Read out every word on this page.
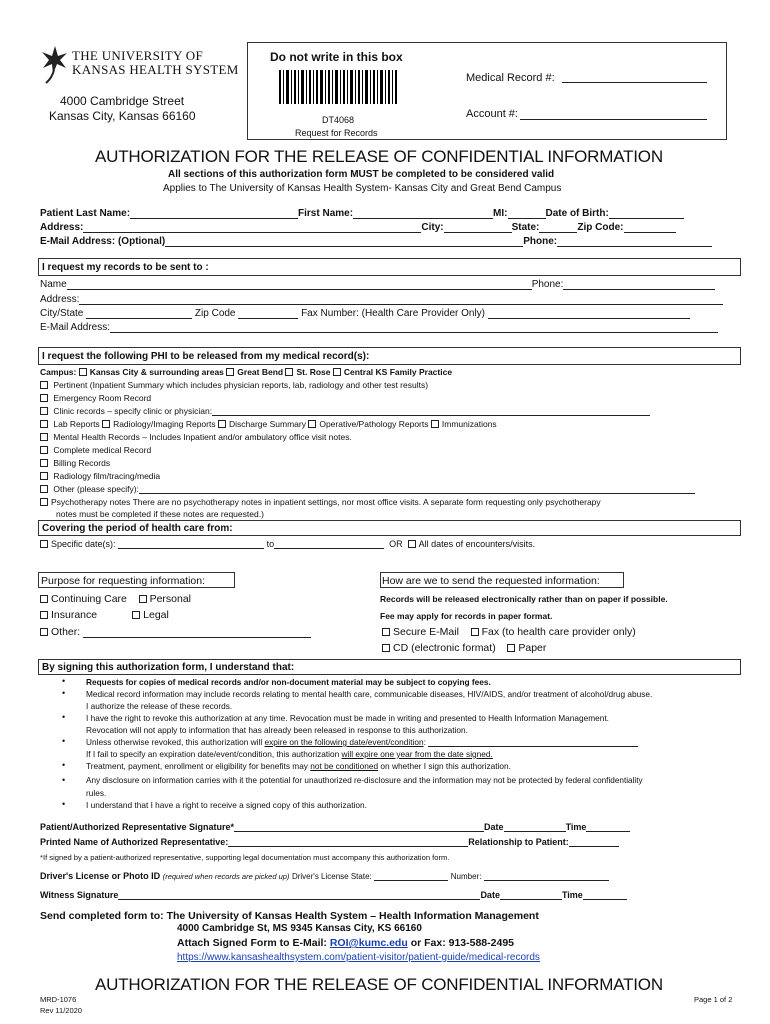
THE UNIVERSITY OF
KANSAS HEALTH SYSTEM
4000 Cambridge Street
Kansas City, Kansas 66160
Do not write in this box
DT4068
Request for Records
Medical Record #:
Account #:
AUTHORIZATION FOR THE RELEASE OF CONFIDENTIAL INFORMATION
All sections of this authorization form MUST be completed to be considered valid
Applies to The University of Kansas Health System- Kansas City and Great Bend Campus
Patient Last Name:	First Name:	MI:	Date of Birth:
Address:	City:	State:	Zip Code:
E-Mail Address: (Optional)	Phone:
I request my records to be sent to :
Name	Phone:
Address:
City/State	Zip Code	Fax Number: (Health Care Provider Only)
E-Mail Address:
I request the following PHI to be released from my medical record(s):
Campus: Kansas City & surrounding areas Great Bend St. Rose Central KS Family Practice
Pertinent (Inpatient Summary which includes physician reports, lab, radiology and other test results)
Emergency Room Record
Clinic records – specify clinic or physician:
Lab Reports Radiology/Imaging Reports Discharge Summary Operative/Pathology Reports Immunizations
Mental Health Records – Includes Inpatient and/or ambulatory office visit notes.
Complete medical Record
Billing Records
Radiology film/tracing/media
Other (please specify):
Psychotherapy notes There are no psychotherapy notes in inpatient settings, nor most office visits. A separate form requesting only psychotherapy
notes must be completed if these notes are requested.)
Covering the period of health care from:
Specific date(s):	to	OR All dates of encounters/visits.
Purpose for requesting information:
Continuing Care Personal
Insurance	Legal
Other:
How are we to send the requested information:
Records will be released electronically rather than on paper if possible.
Fee may apply for records in paper format.
Secure E-Mail Fax (to health care provider only)
CD (electronic format) Paper
By signing this authorization form, I understand that:
•	Requests for copies of medical records and/or non-document material may be subject to copying fees.
•	Medical record information may include records relating to mental health care, communicable diseases, HIV/AIDS, and/or treatment of alcohol/drug abuse.
I authorize the release of these records.
•	I have the right to revoke this authorization at any time. Revocation must be made in writing and presented to Health Information Management.
Revocation will not apply to information that has already been released in response to this authorization.
•	Unless otherwise revoked, this authorization will expire on the following date/event/condition:
If I fail to specify an expiration date/event/condition, this authorization will expire one year from the date signed.
•	Treatment, payment, enrollment or eligibility for benefits may not be conditioned on whether I sign this authorization.
•	Any disclosure on information carries with it the potential for unauthorized re-disclosure and the information may not be protected by federal confidentiality
rules.
•	I understand that I have a right to receive a signed copy of this authorization.
Patient/Authorized Representative Signature*	Date	Time
Printed Name of Authorized Representative:	Relationship to Patient:
*If signed by a patient-authorized representative, supporting legal documentation must accompany this authorization form.
Driver's License or Photo ID (required when records are picked up) Driver's License State:	Number:
Witness Signature	Date	Time
Send completed form to: The University of Kansas Health System – Health Information Management
4000 Cambridge St, MS 9345 Kansas City, KS 66160
Attach Signed Form to E-Mail: ROI@kumc.edu or Fax: 913-588-2495
https://www.kansashealthsystem.com/patient-visitor/patient-guide/medical-records
AUTHORIZATION FOR THE RELEASE OF CONFIDENTIAL INFORMATION
MRD-1076
Rev 11/2020
Page 1 of 2
